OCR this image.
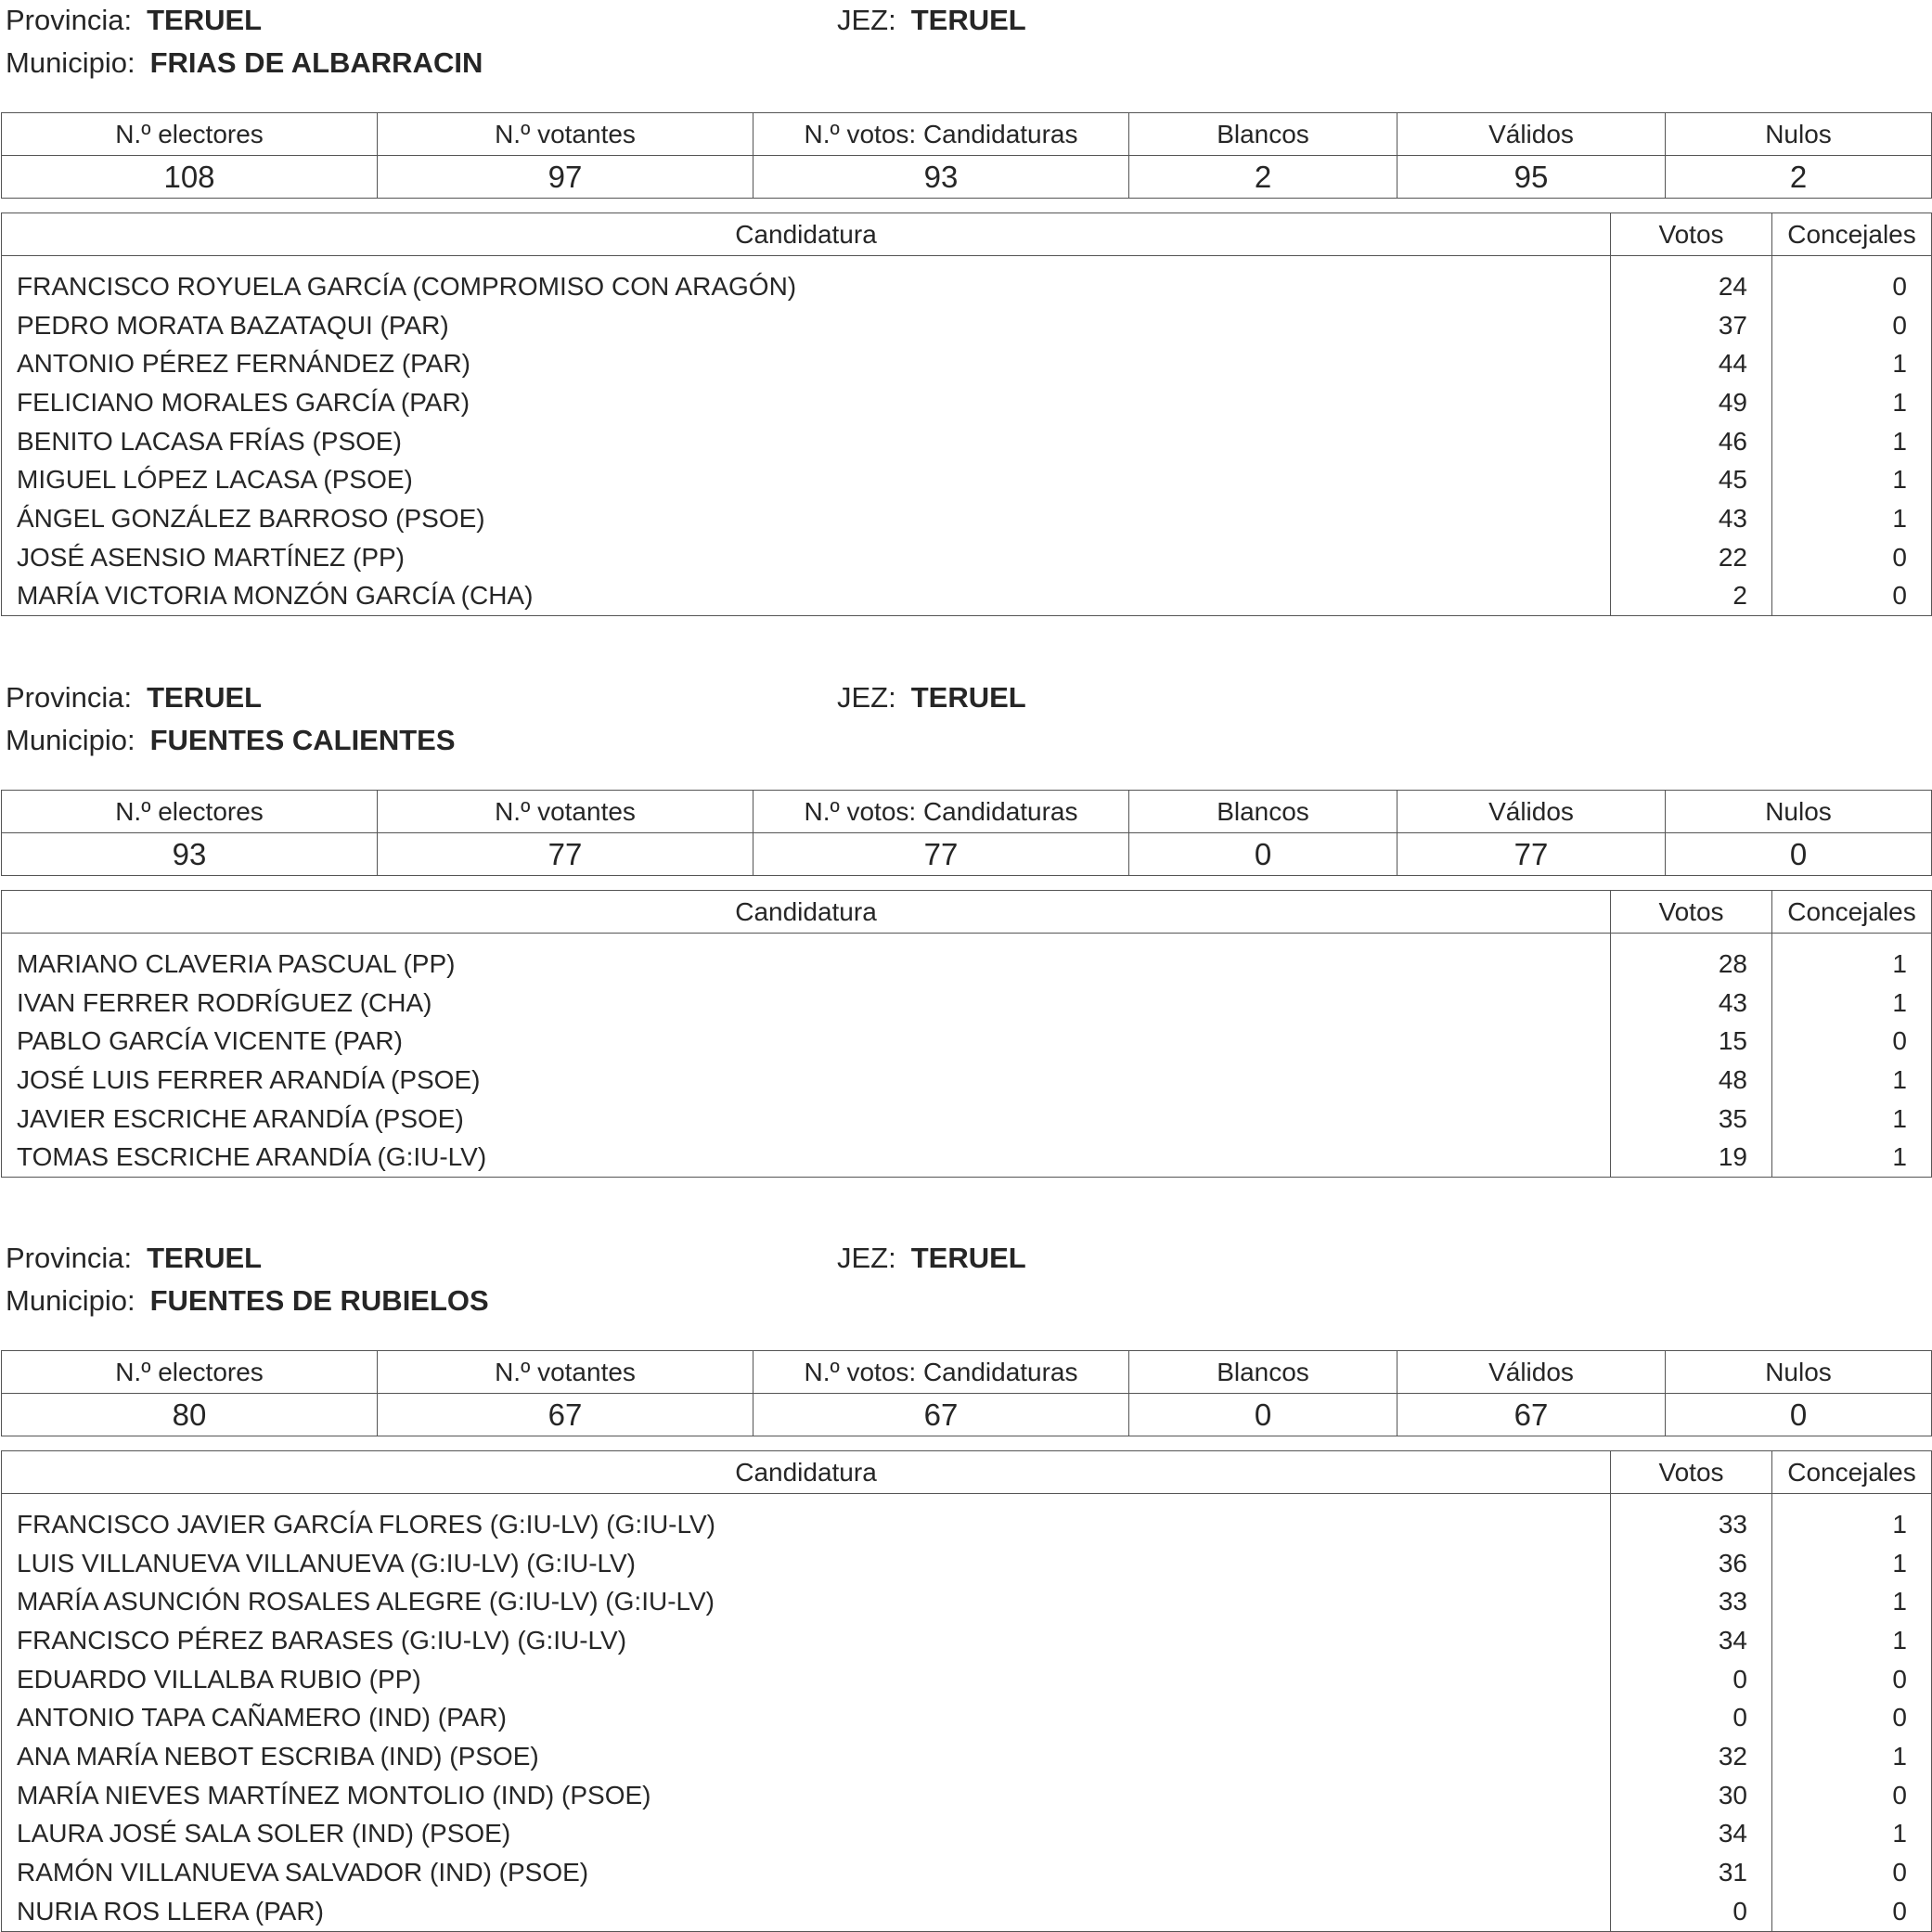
Provincia: TERUEL	JEZ: TERUEL
Municipio: FRIAS DE ALBARRACIN
N.º electores	N.º votantes	N.º votos: Candidaturas	Blancos	Válidos	Nulos
108	97	93	2	95	2
Candidatura	Votos	Concejales

FRANCISCO ROYUELA GARCÍA (COMPROMISO CON ARAGÓN)	24	0
PEDRO MORATA BAZATAQUI (PAR)	37	0
ANTONIO PÉREZ FERNÁNDEZ (PAR)	44	1
FELICIANO MORALES GARCÍA (PAR)	49	1
BENITO LACASA FRÍAS (PSOE)	46	1
MIGUEL LÓPEZ LACASA (PSOE)	45	1
ÁNGEL GONZÁLEZ BARROSO (PSOE)	43	1
JOSÉ ASENSIO MARTÍNEZ (PP)	22	0
MARÍA VICTORIA MONZÓN GARCÍA (CHA)	2	0
Provincia: TERUEL	JEZ: TERUEL
Municipio: FUENTES CALIENTES
N.º electores	N.º votantes	N.º votos: Candidaturas	Blancos	Válidos	Nulos
93	77	77	0	77	0
Candidatura	Votos	Concejales

MARIANO CLAVERIA PASCUAL (PP)	28	1
IVAN FERRER RODRÍGUEZ (CHA)	43	1
PABLO GARCÍA VICENTE (PAR)	15	0
JOSÉ LUIS FERRER ARANDÍA (PSOE)	48	1
JAVIER ESCRICHE ARANDÍA (PSOE)	35	1
TOMAS ESCRICHE ARANDÍA (G:IU-LV)	19	1
Provincia: TERUEL	JEZ: TERUEL
Municipio: FUENTES DE RUBIELOS
N.º electores	N.º votantes	N.º votos: Candidaturas	Blancos	Válidos	Nulos
80	67	67	0	67	0
Candidatura	Votos	Concejales

FRANCISCO JAVIER GARCÍA FLORES (G:IU-LV) (G:IU-LV)	33	1
LUIS VILLANUEVA VILLANUEVA (G:IU-LV) (G:IU-LV)	36	1
MARÍA ASUNCIÓN ROSALES ALEGRE (G:IU-LV) (G:IU-LV)	33	1
FRANCISCO PÉREZ BARASES (G:IU-LV) (G:IU-LV)	34	1
EDUARDO VILLALBA RUBIO (PP)	0	0
ANTONIO TAPA CAÑAMERO (IND) (PAR)	0	0
ANA MARÍA NEBOT ESCRIBA (IND) (PSOE)	32	1
MARÍA NIEVES MARTÍNEZ MONTOLIO (IND) (PSOE)	30	0
LAURA JOSÉ SALA SOLER (IND) (PSOE)	34	1
RAMÓN VILLANUEVA SALVADOR (IND) (PSOE)	31	0
NURIA ROS LLERA (PAR)	0	0
